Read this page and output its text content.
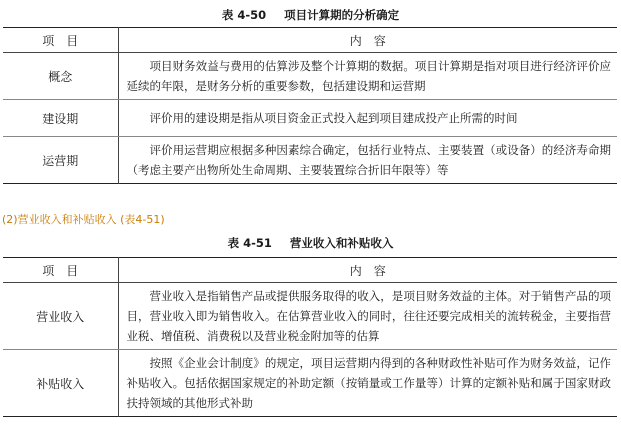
表 4-50 项目计算期的分析确定
项　目	内　容
概念	项目财务效益与费用的估算涉及整个计算期的数据。项目计算期是指对项目进行经济评价应延续的年限，是财务分析的重要参数，包括建设期和运营期

建设期	评价用的建设期是指从项目资金正式投入起到项目建成投产止所需的时间

运营期	评价用运营期应根据多种因素综合确定，包括行业特点、主要装置（或设备）的经济寿命期（考虑主要产出物所处生命周期、主要装置综合折旧年限等）等

(2)营业收入和补贴收入 (表4-51)
表 4-51 营业收入和补贴收入
项　目	内　容
营业收入	营业收入是指销售产品或提供服务取得的收入，是项目财务效益的主体。对于销售产品的项目，营业收入即为销售收入。在估算营业收入的同时，往往还要完成相关的流转税金，主要指营业税、增值税、消费税以及营业税金附加等的估算

补贴收入	按照《企业会计制度》的规定，项目运营期内得到的各种财政性补贴可作为财务效益，记作补贴收入。包括依据国家规定的补助定额（按销量或工作量等）计算的定额补贴和属于国家财政扶持领域的其他形式补助
